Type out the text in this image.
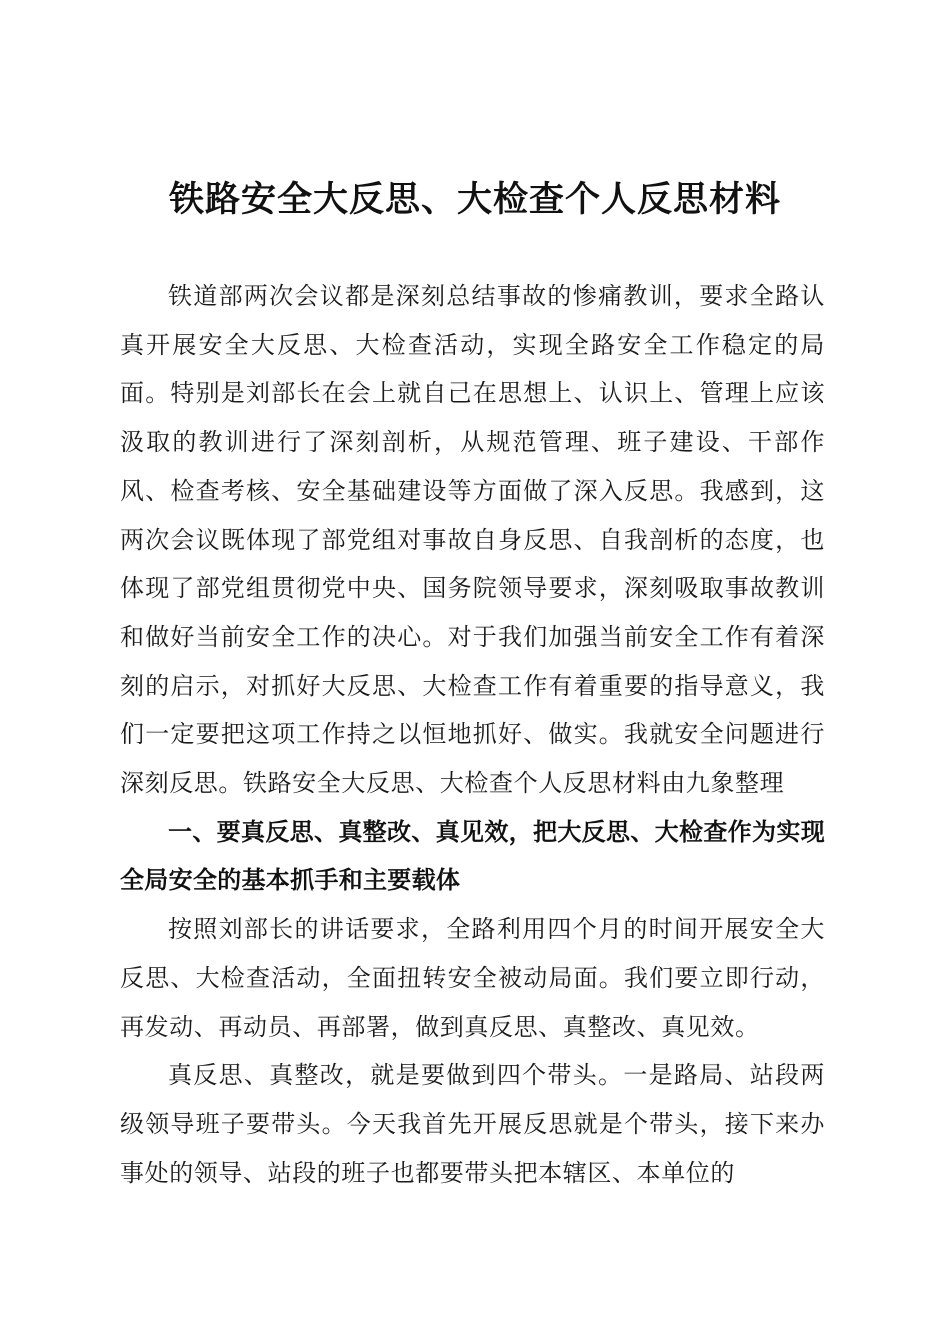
铁路安全大反思、大检查个人反思材料

铁道部两次会议都是深刻总结事故的惨痛教训，要求全路认真开展安全大反思、大检查活动，实现全路安全工作稳定的局面。特别是刘部长在会上就自己在思想上、认识上、管理上应该汲取的教训进行了深刻剖析，从规范管理、班子建设、干部作风、检查考核、安全基础建设等方面做了深入反思。我感到，这两次会议既体现了部党组对事故自身反思、自我剖析的态度，也体现了部党组贯彻党中央、国务院领导要求，深刻吸取事故教训和做好当前安全工作的决心。对于我们加强当前安全工作有着深刻的启示，对抓好大反思、大检查工作有着重要的指导意义，我们一定要把这项工作持之以恒地抓好、做实。我就安全问题进行深刻反思。铁路安全大反思、大检查个人反思材料由九象整理

一、要真反思、真整改、真见效，把大反思、大检查作为实现全局安全的基本抓手和主要载体

按照刘部长的讲话要求，全路利用四个月的时间开展安全大反思、大检查活动，全面扭转安全被动局面。我们要立即行动，再发动、再动员、再部署，做到真反思、真整改、真见效。

真反思、真整改，就是要做到四个带头。一是路局、站段两级领导班子要带头。今天我首先开展反思就是个带头，接下来办事处的领导、站段的班子也都要带头把本辖区、本单位的
